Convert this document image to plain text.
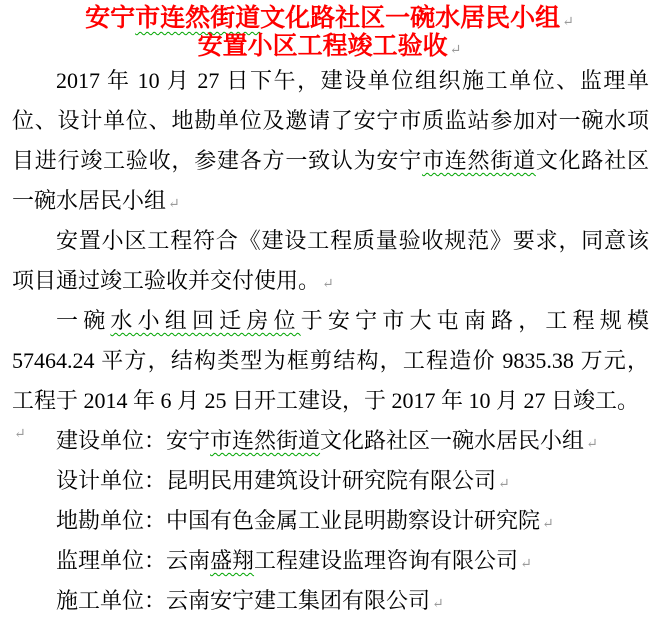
安宁市连然街道文化路社区一碗水居民小组 ↵
安置小区工程竣工验收 ↵
2017 年 10 月 27 日下午，建设单位组织施工单位、监理单
位、设计单位、地勘单位及邀请了安宁市质监站参加对一碗水项
目进行竣工验收，参建各方一致认为安宁市连然街道文化路社区
一碗水居民小组 ↵
安置小区工程符合《建设工程质量验收规范》要求，同意该
项目通过竣工验收并交付使用。 ↵
一碗水小组回迁房位于安宁市大屯南路，工程规模
57464.24 平方，结构类型为框剪结构，工程造价 9835.38 万元，
工程于 2014 年 6 月 25 日开工建设，于 2017 年 10 月 27 日竣工。↵	建设单位：安宁市连然街道文化路社区一碗水居民小组 ↵
设计单位：昆明民用建筑设计研究院有限公司 ↵
地勘单位：中国有色金属工业昆明勘察设计研究院 ↵
监理单位：云南盛翔工程建设监理咨询有限公司 ↵
施工单位：云南安宁建工集团有限公司 ↵
